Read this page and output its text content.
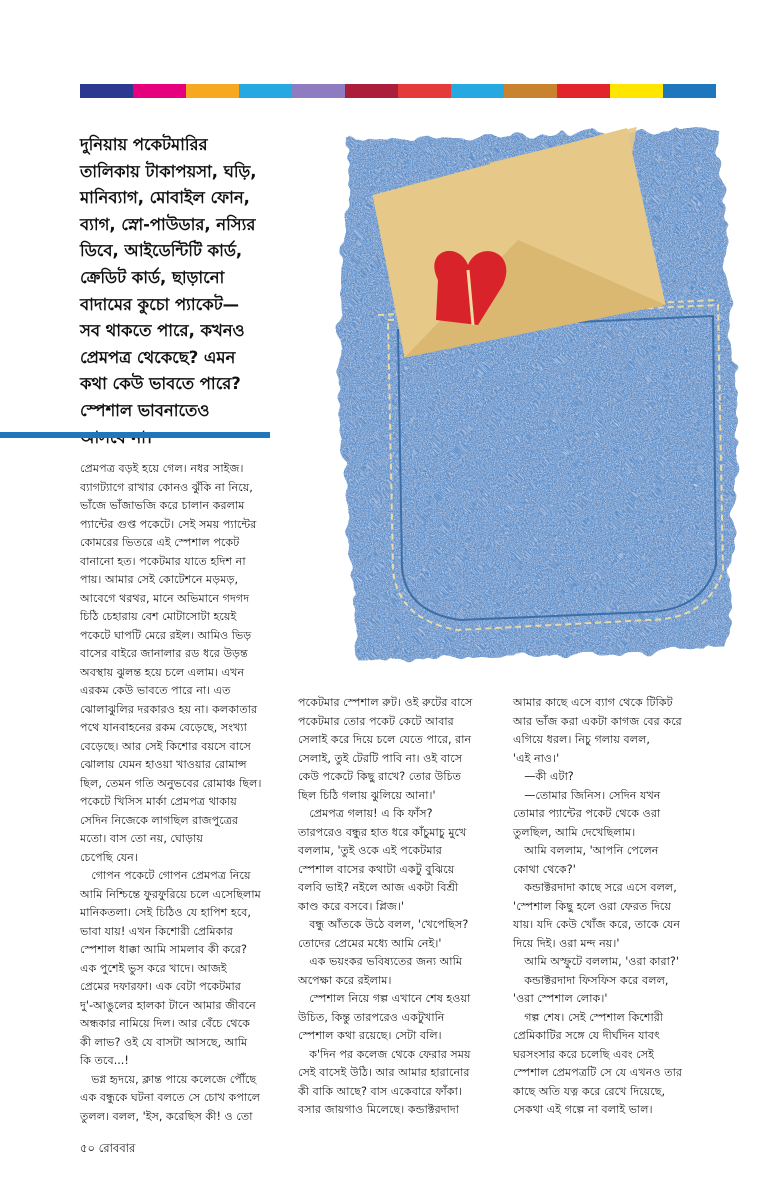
দুনিয়ায় পকেটমারির
তালিকায় টাকাপয়সা, ঘড়ি,
মানিব্যাগ, মোবাইল ফোন,
ব্যাগ, স্নো-পাউডার, নস্যির
ডিবে, আইডেন্টিটি কার্ড,
ক্রেডিট কার্ড, ছাড়ানো
বাদামের কুচো প্যাকেট—
সব থাকতে পারে, কখনও
প্রেমপত্র থেকেছে? এমন
কথা কেউ ভাবতে পারে?
স্পেশাল ভাবনাতেও
প্রেমপত্র বড়ই হয়ে গেল। নধর সাইজ।
ব্যাগট্যাগে রাখার কোনও ঝুঁকি না নিয়ে,
ভাঁজে ভাঁজাভজি করে চালান করলাম
প্যান্টের গুপ্ত পকেটে। সেই সময় প্যান্টের
কোমরের ভিতরে এই স্পেশাল পকেট
বানানো হত। পকেটমার যাতে হদিশ না
পায়। আমার সেই কোটেশনে মড়মড়,
আবেগে থরথর, মানে অভিমানে গদগদ
চিঠি চেহারায় বেশ মোটাসোটা হয়েই
পকেটে ঘাপটি মেরে রইল। আমিও ভিড়
বাসের বাইরে জানালার রড ধরে উড়ন্ত
অবস্থায় ঝুলন্ত হয়ে চলে এলাম। এখন
এরকম কেউ ভাবতে পারে না। এত
ঝোলাঝুলির দরকারও হয় না। কলকাতার
পথে যানবাহনের রকম বেড়েছে, সংখ্যা
বেড়েছে। আর সেই কিশোর বয়সে বাসে
ঝোলায় যেমন হাওয়া খাওয়ার রোমান্স
ছিল, তেমন গতি অনুভবের রোমাঞ্চ ছিল।
পকেটে খিসিস মার্কা প্রেমপত্র থাকায়
সেদিন নিজেকে লাগছিল রাজপুত্রের
মতো। বাস তো নয়, ঘোড়ায়
চেপেছি যেন।
 গোপন পকেটে গোপন প্রেমপত্র নিয়ে
আমি নিশ্চিন্তে ফুরফুরিয়ে চলে এসেছিলাম
মানিকতলা। সেই চিঠিও যে হাপিশ হবে,
ভাবা যায়! এখন কিশোরী প্রেমিকার
স্পেশাল ধাক্কা আমি সামলাব কী করে?
এক পুশেই ভুস করে খাদে। আজই
প্রেমের দফারফা। এক বেটা পকেটমার
দু'-আঙুলের হালকা টানে আমার জীবনে
অন্ধকার নামিয়ে দিল। আর বেঁচে থেকে
কী লাভ? ওই যে বাসটা আসছে, আমি
কি তবে...!
 ভগ্ন হৃদয়ে, ক্লান্ত পায়ে কলেজে পৌঁছে
এক বন্ধুকে ঘটনা বলতে সে চোখ কপালে
তুলল। বলল, 'ইস, করেছিস কী! ও তো
পকেটমার স্পেশাল রুট। ওই রুটের বাসে
পকেটমার তোর পকেট কেটে আবার
সেলাই করে দিয়ে চলে যেতে পারে, রান
সেলাই, তুই টেরটি পাবি না। ওই বাসে
কেউ পকেটে কিছু রাখে? তোর উচিত
ছিল চিঠি গলায় ঝুলিয়ে আনা।'
 প্রেমপত্র গলায়! এ কি ফাঁস?
তারপরেও বন্ধুর হাত ধরে কাঁচুমাচু মুখে
বললাম, 'তুই ওকে এই পকেটমার
স্পেশাল বাসের কথাটা একটু বুঝিয়ে
বলবি ভাই? নইলে আজ একটা বিশ্রী
কাণ্ড করে বসবে। প্লিজ।'
 বন্ধু আঁতকে উঠে বলল, 'খেপেছিস?
তোদের প্রেমের মধ্যে আমি নেই।'
 এক ভয়ংকর ভবিষ্যতের জন্য আমি
অপেক্ষা করে রইলাম।
 স্পেশাল নিয়ে গল্প এখানে শেষ হওয়া
উচিত, কিন্তু তারপরেও একটুখানি
স্পেশাল কথা রয়েছে। সেটা বলি।
 ক'দিন পর কলেজ থেকে ফেরার সময়
সেই বাসেই উঠি। আর আমার হারানোর
কী বাকি আছে? বাস একেবারে ফাঁকা।
বসার জায়গাও মিলেছে। কন্ডাক্টরদাদা
আমার কাছে এসে ব্যাগ থেকে টিকিট
আর ভাঁজ করা একটা কাগজ বের করে
এগিয়ে ধরল। নিচু গলায় বলল,
'এই নাও।'
 —কী এটা?
 —তোমার জিনিস। সেদিন যখন
তোমার প্যান্টের পকেট থেকে ওরা
তুলছিল, আমি দেখেছিলাম।
 আমি বললাম, 'আপনি পেলেন
কোথা থেকে?'
 কন্ডাক্টরদাদা কাছে সরে এসে বলল,
'স্পেশাল কিছু হলে ওরা ফেরত দিয়ে
যায়। যদি কেউ খোঁজ করে, তাকে যেন
দিয়ে দিই। ওরা মন্দ নয়।'
 আমি অস্ফুটে বললাম, 'ওরা কারা?'
 কন্ডাক্টরদাদা ফিসফিস করে বলল,
'ওরা স্পেশাল লোক।'
 গল্প শেষ। সেই স্পেশাল কিশোরী
প্রেমিকাটির সঙ্গে যে দীর্ঘদিন যাবৎ
ঘরসংসার করে চলেছি এবং সেই
স্পেশাল প্রেমপত্রটি সে যে এখনও তার
কাছে অতি যত্ন করে রেখে দিয়েছে,
সেকথা এই গল্পে না বলাই ভাল।
৫০ রোববার
